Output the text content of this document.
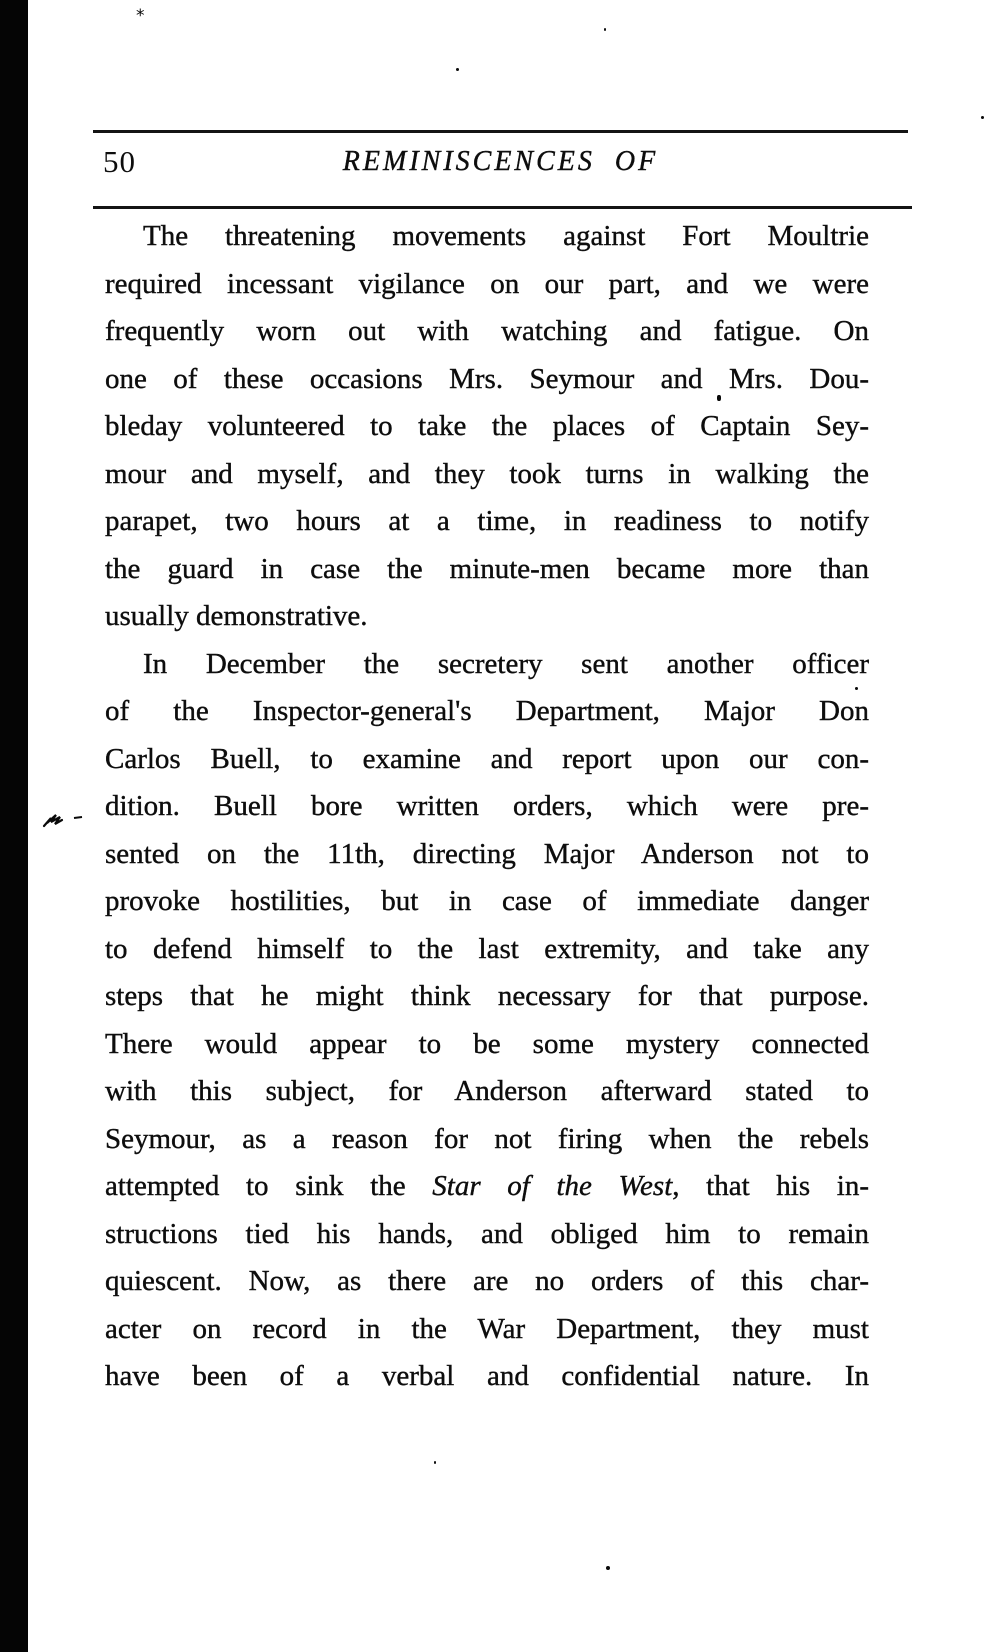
*
50	REMINISCENCES OF
The threatening movements against Fort Moultrie
required incessant vigilance on our part, and we were
frequently worn out with watching and fatigue. On
one of these occasions Mrs. Seymour and Mrs. Dou-
bleday volunteered to take the places of Captain Sey-
mour and myself, and they took turns in walking the
parapet, two hours at a time, in readiness to notify
the guard in case the minute-men became more than
usually demonstrative.
In December the secretery sent another officer
of the Inspector-general's Department, Major Don
Carlos Buell, to examine and report upon our con-
dition. Buell bore written orders, which were pre-
sented on the 11th, directing Major Anderson not to
provoke hostilities, but in case of immediate danger
to defend himself to the last extremity, and take any
steps that he might think necessary for that purpose.
There would appear to be some mystery connected
with this subject, for Anderson afterward stated to
Seymour, as a reason for not firing when the rebels
attempted to sink the Star of the West, that his in-
structions tied his hands, and obliged him to remain
quiescent. Now, as there are no orders of this char-
acter on record in the War Department, they must
have been of a verbal and confidential nature. In
